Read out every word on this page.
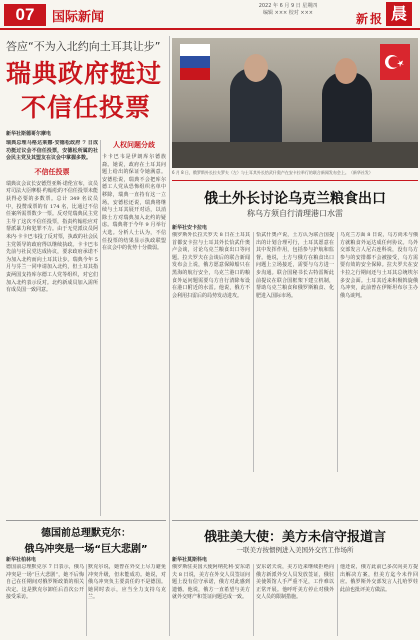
07	国际新闻
2022 年 6 月 9 日 星期四
编辑 ××× 校对 ×××	新 报 晨
答应“不为入北约向土耳其让步”
瑞典政府挺过
不信任投票
新华社斯德哥尔摩电

瑞典总理马格达莱娜·安德松政府 7 日成功挺过议会不信任投票，安德松所属的社会民主党及其盟友在议会中掌握多数。

不信任投票

瑞典议会议长安德烈亚斯·诺伦宣布，议员对司法大臣摩根·约翰松的不信任投票未能获得必要的多数票。总计 349 名议员中，投赞成票的有 174 名，比通过不信任案所需票数少一票。反对党瑞典民主党主导了这次不信任投票，指责约翰松应对帮派暴力和犯罪不力。由于无党派议员阿米内·卡卡巴韦投了反对票，执政的社会民主党领导的政府得以继续执政。卡卡巴韦先前与社民党达成协议，要求政府承诺不为加入北约而向土耳其让步。瑞典今年 5 月与芬兰一同申请加入北约，但土耳其指责两国支持库尔德工人党等组织，对它们加入北约表示反对。北约新成员加入需所有成员国一致同意。

人权问题分歧

卡卡巴韦是伊朗库尔德族裔。她说，政府在土耳其问题上给出的保证令她满意。安德松说，瑞典不会把库尔德工人党从恐怖组织名单中移除，瑞典一直持有这一立场。安德松还说，瑞典将继续与土耳其展开对话，以消除土方对瑞典加入北约的疑虑。瑞典将于今年 9 月举行大选。分析人士认为，不信任投票的结果显示执政联盟在议会中的优势十分微弱。

6 月 8 日，俄罗斯外长拉夫罗夫（左）与土耳其外长恰武什奥卢在安卡拉举行的联合新闻发布会上。（新华社发）
俄土外长讨论乌克兰粮食出口
称乌方须自行清理港口水雷
新华社安卡拉电
俄罗斯外长拉夫罗夫 8 日在土耳其首都安卡拉与土耳其外长恰武什奥卢会谈，讨论乌克兰粮食出口等问题。拉夫罗夫在会谈后的联合新闻发布会上说，俄方愿意保障船只在黑海的航行安全，乌克兰港口的粮食外运问题需要乌方自行清除布设在港口附近的水雷。他说，俄方不会利用扫雷后的局势发动进攻。
恰武什奥卢说，土方认为联合国提出的计划合理可行，土耳其愿意在其中发挥作用，包括参与护航和监督。他说，土方与俄方在粮食出口问题上立场接近，需要与乌方进一步沟通。联合国秘书长古特雷斯此前提议在联合国框架下建立机制，帮助乌克兰粮食和俄罗斯粮食、化肥进入国际市场。
乌克兰方面 8 日说，乌方尚未与俄方就粮食外运达成任何协议。乌外交部发言人尼古连科说，没有乌方参与的安排都不会被接受，乌方需要有效的安全保障。拉夫罗夫在安卡拉之行期间还与土耳其总统埃尔多安会面。土耳其近来积极斡旋俄乌冲突，此前曾在伊斯坦布尔主办俄乌谈判。
俄驻美大使：美方未信守报道言
一联美方按惯例进入美国外交官工作场所
新华社莫斯科电
俄罗斯驻美国大使阿纳托利·安东诺夫 8 日说，美方在外交人员签证问题上没有信守承诺，俄方对此感到遗憾。他说，俄方一直希望与美方就外交财产和签证问题达成一致。
安东诺夫说，美方近来继续拒绝向俄方新派外交人员发放签证，俄驻美使领馆人手严重不足，工作难以正常开展。他呼吁美方停止对俄外交人员的限制措施。
他还说，俄方此前已多次向美方提出解决方案，但美方迄今未作回应。俄罗斯外交部发言人扎哈罗娃此前也批评美方做法。
德国前总理默克尔：
俄乌冲突是一场“巨大悲剧”
新华社柏林电
德国前总理默克尔 7 日表示，俄乌冲突是一场“巨大悲剧”，她不后悔自己在任期间对俄罗斯政策的相关决定。这是默克尔卸任后首次公开接受采访。
默克尔说，她曾在外交上尽力避免冲突升级，但未能成功。她说，对俄乌冲突负主要责任的不是德国。她同时表示，应当全力支持乌克兰。
